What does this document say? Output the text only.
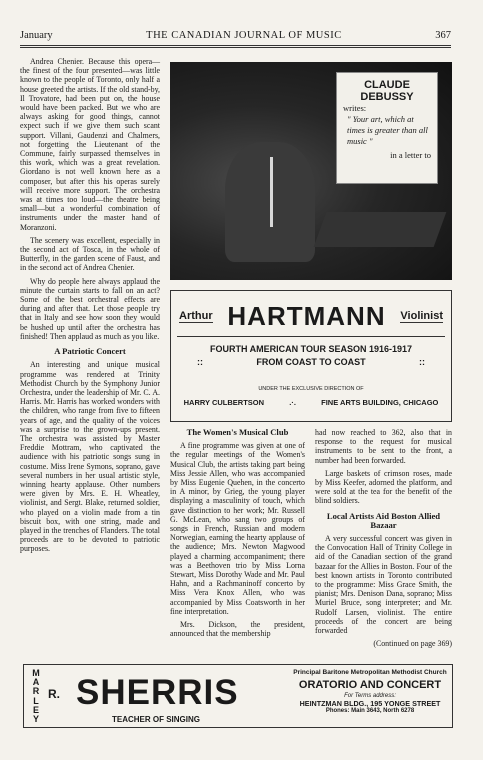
January	THE CANADIAN JOURNAL OF MUSIC	367

Andrea Chenier. Because this opera—the finest of the four presented—was little known to the people of Toronto, only half a house greeted the artists. If the old stand-by, Il Trovatore, had been put on, the house would have been packed. But we who are always asking for good things, cannot expect such if we give them such scant support. Villani, Gaudenzi and Chalmers, not forgetting the Lieutenant of the Commune, fairly surpassed themselves in this work, which was a great revelation. Giordano is not well known here as a composer, but after this his operas surely will receive more support. The orchestra was at times too loud—the theatre being small—but a wonderful combination of instruments under the master hand of Moranzoni.

The scenery was excellent, especially in the second act of Tosca, in the whole of Butterfly, in the garden scene of Faust, and in the second act of Andrea Chenier.

Why do people here always applaud the minute the curtain starts to fall on an act? Some of the best orchestral effects are during and after that. Let those people try that in Italy and see how soon they would be hushed up until after the orchestra has finished! Then applaud as much as you like.

A Patriotic Concert

An interesting and unique musical programme was rendered at Trinity Methodist Church by the Symphony Junior Orchestra, under the leadership of Mr. C. A. Harris. Mr. Harris has worked wonders with the children, who range from five to fifteen years of age, and the quality of the voices was a surprise to the grown-ups present. The orchestra was assisted by Master Freddie Mottram, who captivated the audience with his patriotic songs sung in costume. Miss Irene Symons, soprano, gave several numbers in her usual artistic style, winning hearty applause. Other numbers were given by Mrs. E. H. Wheatley, violinist, and Sergt. Blake, returned soldier, who played on a violin made from a tin biscuit box, with one string, made and played in the trenches of Flanders. The total proceeds are to be devoted to patriotic purposes.

CLAUDE
DEBUSSY
writes:
" Your art, which at times is greater than all music "
in a letter to
Arthur HARTMANN Violinist
FOURTH AMERICAN TOUR SEASON 1916-1917
::	FROM COAST TO COAST	::
UNDER THE EXCLUSIVE DIRECTION OF
HARRY CULBERTSON	.·.	FINE ARTS BUILDING, CHICAGO
The Women's Musical Club

A fine programme was given at one of the regular meetings of the Women's Musical Club, the artists taking part being Miss Jessie Allen, who was accompanied by Miss Eugenie Quehen, in the concerto in A minor, by Grieg, the young player displaying a masculinity of touch, which gave distinction to her work; Mr. Russell G. McLean, who sang two groups of songs in French, Russian and modern Norwegian, earning the hearty applause of the audience; Mrs. Newton Magwood played a charming accompaniment; there was a Beethoven trio by Miss Lorna Stewart, Miss Dorothy Wade and Mr. Paul Hahn, and a Rachmaninoff concerto by Miss Vera Knox Allen, who was accompanied by Miss Coatsworth in her fine interpretation.

Mrs. Dickson, the president, announced that the membership

had now reached to 362, also that in response to the request for musical instruments to be sent to the front, a number had been forwarded.

Large baskets of crimson roses, made by Miss Keefer, adorned the platform, and were sold at the tea for the benefit of the blind soldiers.

Local Artists Aid Boston Allied Bazaar

A very successful concert was given in the Convocation Hall of Trinity College in aid of the Canadian section of the grand bazaar for the Allies in Boston. Four of the best known artists in Toronto contributed to the programme: Miss Grace Smith, the pianist; Mrs. Denison Dana, soprano; Miss Muriel Bruce, song interpreter; and Mr. Rudolf Larsen, violinist. The entire proceeds of the concert are being forwarded

(Continued on page 369)
MARLEY
R. SHERRIS
TEACHER OF SINGING
Principal Baritone Metropolitan Methodist Church
ORATORIO AND CONCERT
For Terms address:
HEINTZMAN BLDG., 195 YONGE STREET
Phones: Main 3643, North 6278
